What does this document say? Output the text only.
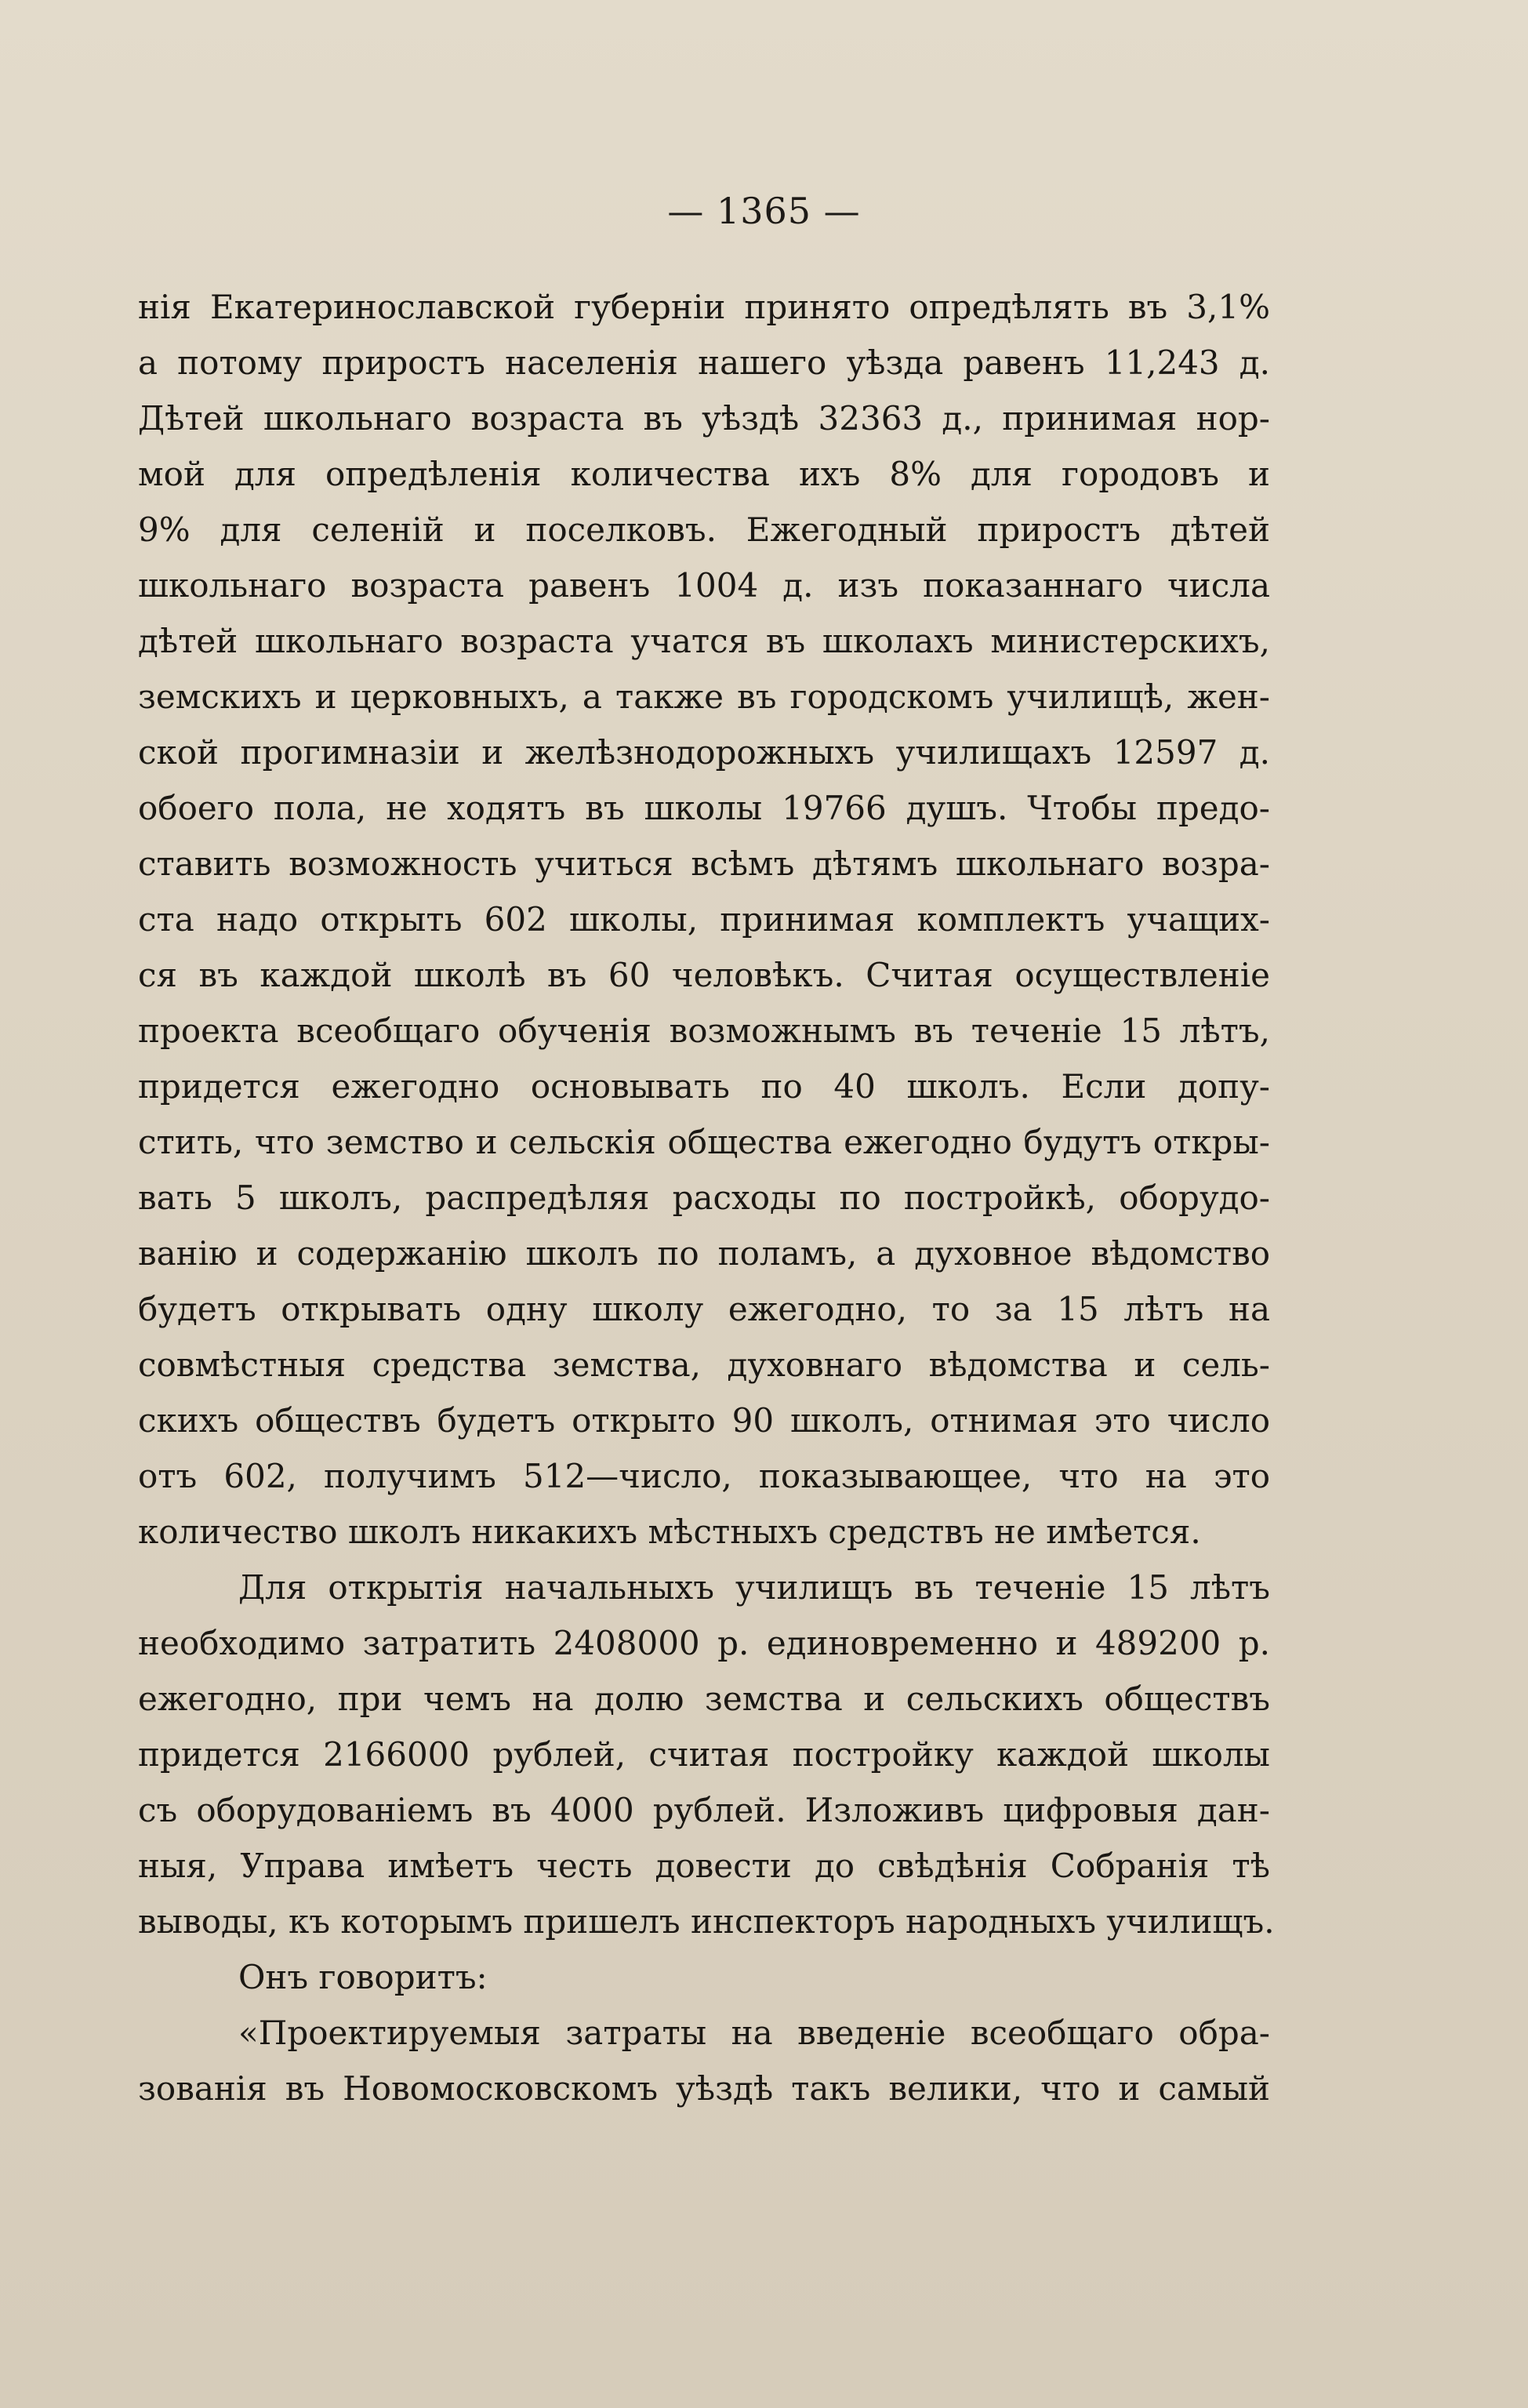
— 1365 —
нія Екатеринославской губерніи принято опредѣлять въ 3,1%
а потому приростъ населенія нашего уѣзда равенъ 11,243 д.
Дѣтей школьнаго возраста въ уѣздѣ 32363 д., принимая нор-
мой для опредѣленія количества ихъ 8% для городовъ и
9% для селеній и поселковъ. Ежегодный приростъ дѣтей
школьнаго возраста равенъ 1004 д. изъ показаннаго числа
дѣтей школьнаго возраста учатся въ школахъ министерскихъ,
земскихъ и церковныхъ, а также въ городскомъ училищѣ, жен-
ской прогимназіи и желѣзнодорожныхъ училищахъ 12597 д.
обоего пола, не ходятъ въ школы 19766 душъ. Чтобы предо-
ставить возможность учиться всѣмъ дѣтямъ школьнаго возра-
ста надо открыть 602 школы, принимая комплектъ учащих-
ся въ каждой школѣ въ 60 человѣкъ. Считая осуществленіе
проекта всеобщаго обученія возможнымъ въ теченіе 15 лѣтъ,
придется ежегодно основывать по 40 школъ. Если допу-
стить, что земство и сельскія общества ежегодно будутъ откры-
вать 5 школъ, распредѣляя расходы по постройкѣ, оборудо-
ванію и содержанію школъ по поламъ, а духовное вѣдомство
будетъ открывать одну школу ежегодно, то за 15 лѣтъ на
совмѣстныя средства земства, духовнаго вѣдомства и сель-
скихъ обществъ будетъ открыто 90 школъ, отнимая это число
отъ 602, получимъ 512—число, показывающее, что на это
количество школъ никакихъ мѣстныхъ средствъ не имѣется.
Для открытія начальныхъ училищъ въ теченіе 15 лѣтъ
необходимо затратить 2408000 р. единовременно и 489200 р.
ежегодно, при чемъ на долю земства и сельскихъ обществъ
придется 2166000 рублей, считая постройку каждой школы
съ оборудованіемъ въ 4000 рублей. Изложивъ цифровыя дан-
ныя, Управа имѣетъ честь довести до свѣдѣнія Собранія тѣ
выводы, къ которымъ пришелъ инспекторъ народныхъ училищъ.
Онъ говоритъ:
«Проектируемыя затраты на введеніе всеобщаго обра-
зованія въ Новомосковскомъ уѣздѣ такъ велики, что и самый
